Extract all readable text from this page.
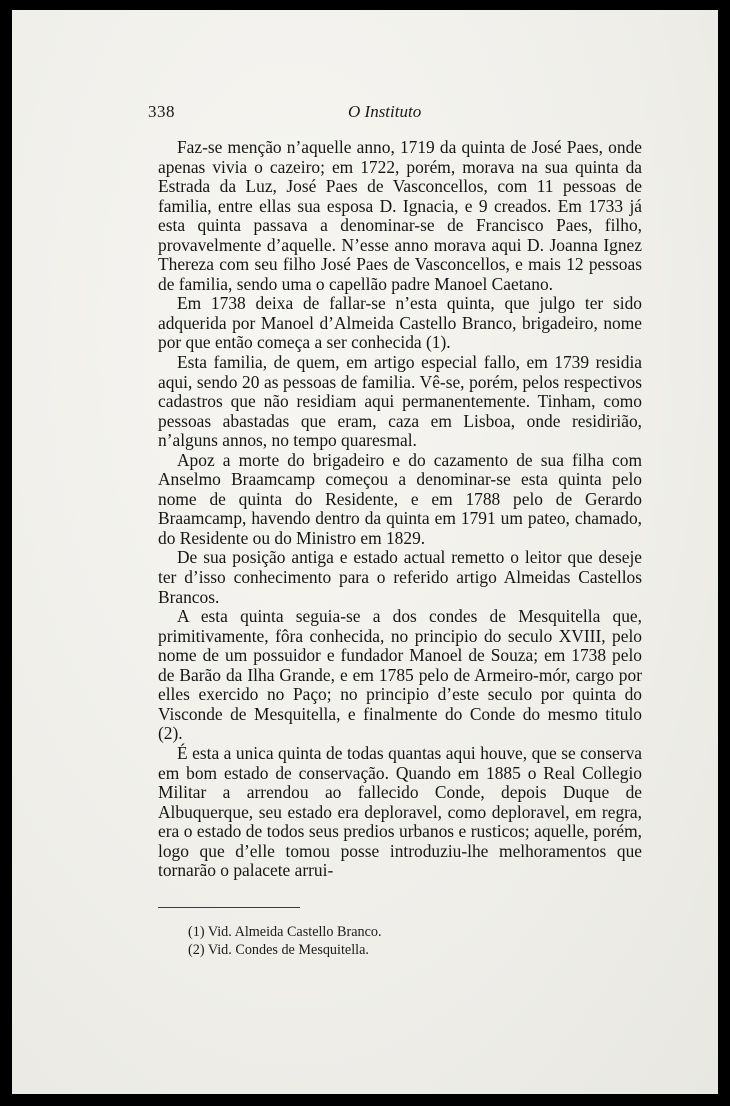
338	O Instituto

Faz-se menção n’aquelle anno, 1719 da quinta de José Paes, onde apenas vivia o cazeiro; em 1722, porém, morava na sua quinta da Estrada da Luz, José Paes de Vasconcellos, com 11 pessoas de familia, entre ellas sua esposa D. Ignacia, e 9 creados. Em 1733 já esta quinta passava a denominar-se de Francisco Paes, filho, provavelmente d’aquelle. N’esse anno morava aqui D. Joanna Ignez Thereza com seu filho José Paes de Vasconcellos, e mais 12 pessoas de familia, sendo uma o capellão padre Manoel Caetano.

Em 1738 deixa de fallar-se n’esta quinta, que julgo ter sido adquerida por Manoel d’Almeida Castello Branco, brigadeiro, nome por que então começa a ser conhecida (1).

Esta familia, de quem, em artigo especial fallo, em 1739 residia aqui, sendo 20 as pessoas de familia. Vê-se, porém, pelos respectivos cadastros que não residiam aqui permanentemente. Tinham, como pessoas abastadas que eram, caza em Lisboa, onde residirião, n’alguns annos, no tempo quaresmal.

Apoz a morte do brigadeiro e do cazamento de sua filha com Anselmo Braamcamp começou a denominar-se esta quinta pelo nome de quinta do Residente, e em 1788 pelo de Gerardo Braamcamp, havendo dentro da quinta em 1791 um pateo, chamado, do Residente ou do Ministro em 1829.

De sua posição antiga e estado actual remetto o leitor que deseje ter d’isso conhecimento para o referido artigo Almeidas Castellos Brancos.

A esta quinta seguia-se a dos condes de Mesquitella que, primitivamente, fôra conhecida, no principio do seculo XVIII, pelo nome de um possuidor e fundador Manoel de Souza; em 1738 pelo de Barão da Ilha Grande, e em 1785 pelo de Armeiro-mór, cargo por elles exercido no Paço; no principio d’este seculo por quinta do Visconde de Mesquitella, e finalmente do Conde do mesmo titulo (2).

É esta a unica quinta de todas quantas aqui houve, que se conserva em bom estado de conservação. Quando em 1885 o Real Collegio Militar a arrendou ao fallecido Conde, depois Duque de Albuquerque, seu estado era deploravel, como deploravel, em regra, era o estado de todos seus predios urbanos e rusticos; aquelle, porém, logo que d’elle tomou posse introduziu-lhe melhoramentos que tornarão o palacete arrui-

(1) Vid. Almeida Castello Branco.
(2) Vid. Condes de Mesquitella.
